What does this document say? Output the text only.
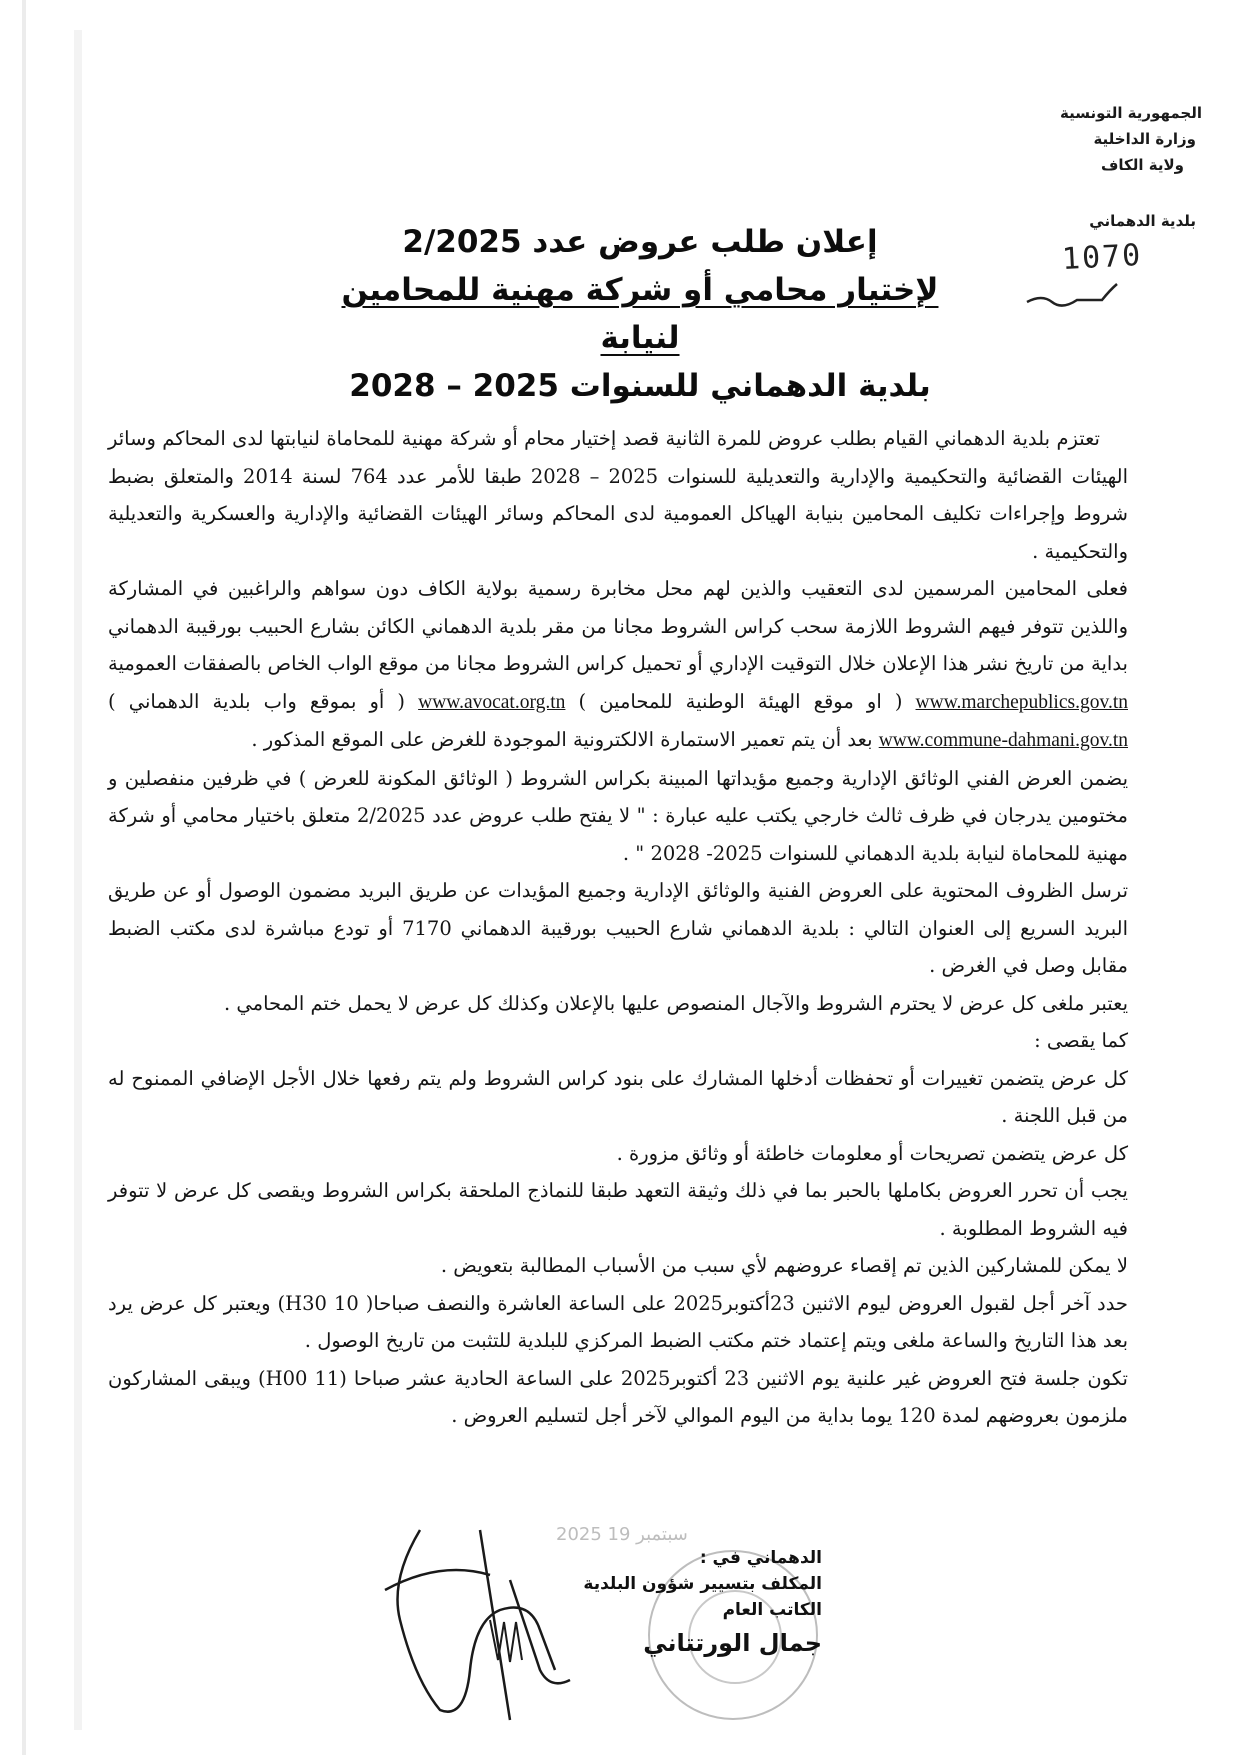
الجمهورية التونسية
وزارة الداخلية
ولاية الكاف
بلدية الدهماني
1070
إعلان طلب عروض عدد 2/2025
لإختيار محامي أو شركة مهنية للمحامين لنيابة
بلدية الدهماني للسنوات 2025 – 2028

تعتزم بلدية الدهماني القيام بطلب عروض للمرة الثانية قصد إختيار محام أو شركة مهنية للمحاماة لنيابتها لدى المحاكم وسائر الهيئات القضائية والتحكيمية والإدارية والتعديلية للسنوات 2025 – 2028 طبقا للأمر عدد 764 لسنة 2014 والمتعلق بضبط شروط وإجراءات تكليف المحامين بنيابة الهياكل العمومية لدى المحاكم وسائر الهيئات القضائية والإدارية والعسكرية والتعديلية والتحكيمية .

فعلى المحامين المرسمين لدى التعقيب والذين لهم محل مخابرة رسمية بولاية الكاف دون سواهم والراغبين في المشاركة واللذين تتوفر فيهم الشروط اللازمة سحب كراس الشروط مجانا من مقر بلدية الدهماني الكائن بشارع الحبيب بورقيبة الدهماني بداية من تاريخ نشر هذا الإعلان خلال التوقيت الإداري أو تحميل كراس الشروط مجانا من موقع الواب الخاص بالصفقات العمومية www.marchepublics.gov.tn ( او موقع الهيئة الوطنية للمحامين ) www.avocat.org.tn ( أو بموقع واب بلدية الدهماني ) www.commune-dahmani.gov.tn بعد أن يتم تعمير الاستمارة الالكترونية الموجودة للغرض على الموقع المذكور .

يضمن العرض الفني الوثائق الإدارية وجميع مؤيداتها المبينة بكراس الشروط ( الوثائق المكونة للعرض ) في ظرفين منفصلين و مختومين يدرجان في ظرف ثالث خارجي يكتب عليه عبارة : " لا يفتح طلب عروض عدد 2/2025 متعلق باختيار محامي أو شركة مهنية للمحاماة لنيابة بلدية الدهماني للسنوات 2025- 2028 " .

ترسل الظروف المحتوية على العروض الفنية والوثائق الإدارية وجميع المؤيدات عن طريق البريد مضمون الوصول أو عن طريق البريد السريع إلى العنوان التالي : بلدية الدهماني شارع الحبيب بورقيبة الدهماني 7170 أو تودع مباشرة لدى مكتب الضبط مقابل وصل في الغرض .

يعتبر ملغى كل عرض لا يحترم الشروط والآجال المنصوص عليها بالإعلان وكذلك كل عرض لا يحمل ختم المحامي .

كما يقصى :

كل عرض يتضمن تغييرات أو تحفظات أدخلها المشارك على بنود كراس الشروط ولم يتم رفعها خلال الأجل الإضافي الممنوح له من قبل اللجنة .

كل عرض يتضمن تصريحات أو معلومات خاطئة أو وثائق مزورة .

يجب أن تحرر العروض بكاملها بالحبر بما في ذلك وثيقة التعهد طبقا للنماذج الملحقة بكراس الشروط ويقصى كل عرض لا تتوفر فيه الشروط المطلوبة .

لا يمكن للمشاركين الذين تم إقصاء عروضهم لأي سبب من الأسباب المطالبة بتعويض .

حدد آخر أجل لقبول العروض ليوم الاثنين 23أكتوبر2025 على الساعة العاشرة والنصف صباحا( 10 H30) ويعتبر كل عرض يرد بعد هذا التاريخ والساعة ملغى ويتم إعتماد ختم مكتب الضبط المركزي للبلدية للتثبت من تاريخ الوصول .

تكون جلسة فتح العروض غير علنية يوم الاثنين 23 أكتوبر2025 على الساعة الحادية عشر صباحا (11 H00) ويبقى المشاركون ملزمون بعروضهم لمدة 120 يوما بداية من اليوم الموالي لآخر أجل لتسليم العروض .

2025 19 سبتمبر
الدهماني في :
المكلف بتسيير شؤون البلدية
الكاتب العام
جمال الورتتاني
